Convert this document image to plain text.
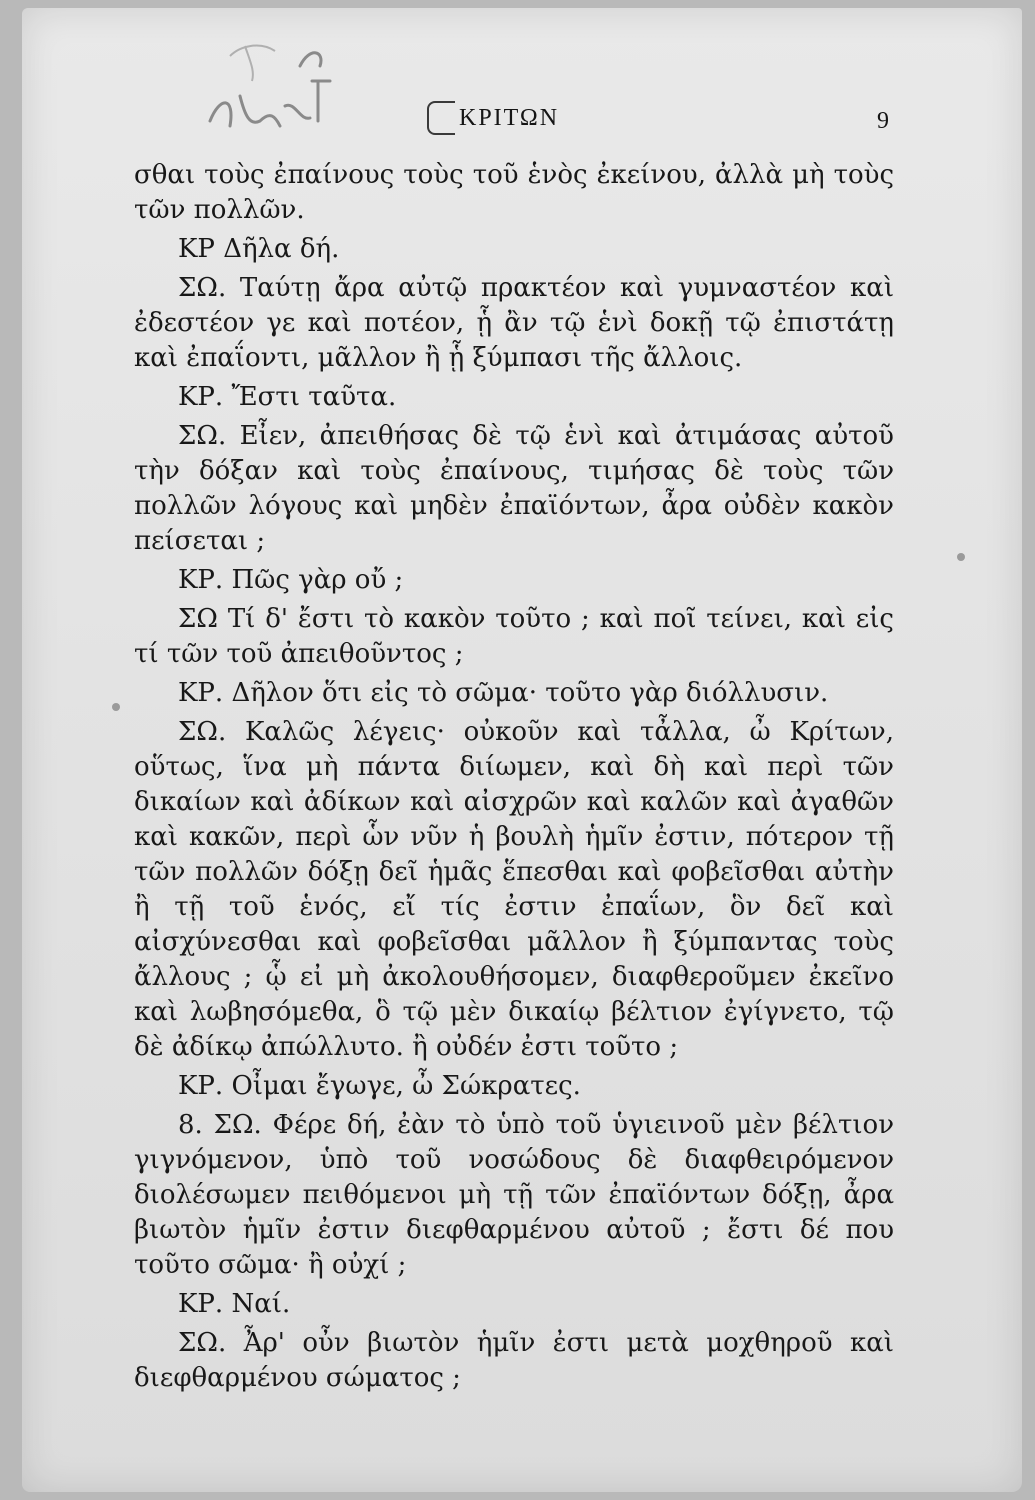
ΚΡΙΤΩΝ	9

σθαι τοὺς ἐπαίνους τοὺς τοῦ ἑνὸς ἐκείνου, ἀλλὰ μὴ τοὺς τῶν πολλῶν.

ΚΡ Δῆλα δή.

ΣΩ. Ταύτῃ ἄρα αὐτῷ πρακτέον καὶ γυμναστέον καὶ ἐδεστέον γε καὶ ποτέον, ᾗ ἂν τῷ ἑνὶ δοκῇ τῷ ἐπιστάτῃ καὶ ἐπαΐοντι, μᾶλλον ἢ ᾗ ξύμπασι τῆς ἄλλοις.

ΚΡ. Ἔστι ταῦτα.

ΣΩ. Εἶεν, ἀπειθήσας δὲ τῷ ἑνὶ καὶ ἀτιμάσας αὐτοῦ τὴν δόξαν καὶ τοὺς ἐπαίνους, τιμήσας δὲ τοὺς τῶν πολλῶν λόγους καὶ μηδὲν ἐπαϊόντων, ἆρα οὐδὲν κακὸν πείσεται ;

ΚΡ. Πῶς γὰρ οὔ ;

ΣΩ Τί δ' ἔστι τὸ κακὸν τοῦτο ; καὶ ποῖ τείνει, καὶ εἰς τί τῶν τοῦ ἀπειθοῦντος ;

ΚΡ. Δῆλον ὅτι εἰς τὸ σῶμα· τοῦτο γὰρ διόλλυσιν.

ΣΩ. Καλῶς λέγεις· οὐκοῦν καὶ τἆλλα, ὦ Κρίτων, οὕτως, ἵνα μὴ πάντα διίωμεν, καὶ δὴ καὶ περὶ τῶν δικαίων καὶ ἀδίκων καὶ αἰσχρῶν καὶ καλῶν καὶ ἀγαθῶν καὶ κακῶν, περὶ ὧν νῦν ἡ βουλὴ ἡμῖν ἐστιν, πότερον τῇ τῶν πολλῶν δόξῃ δεῖ ἡμᾶς ἕπεσθαι καὶ φοβεῖσθαι αὐτὴν ἢ τῇ τοῦ ἑνός, εἴ τίς ἐστιν ἐπαΐων, ὃν δεῖ καὶ αἰσχύνεσθαι καὶ φοβεῖσθαι μᾶλλον ἢ ξύμπαντας τοὺς ἄλλους ; ᾧ εἰ μὴ ἀκολουθήσομεν, διαφθεροῦμεν ἐκεῖνο καὶ λωβησόμεθα, ὃ τῷ μὲν δικαίῳ βέλτιον ἐγίγνετο, τῷ δὲ ἀδίκῳ ἀπώλλυτο. ἢ οὐδέν ἐστι τοῦτο ;

ΚΡ. Οἶμαι ἔγωγε, ὦ Σώκρατες.

8. ΣΩ. Φέρε δή, ἐὰν τὸ ὑπὸ τοῦ ὑγιεινοῦ μὲν βέλτιον γιγνόμενον, ὑπὸ τοῦ νοσώδους δὲ διαφθειρόμενον διολέσωμεν πειθόμενοι μὴ τῇ τῶν ἐπαϊόντων δόξῃ, ἆρα βιωτὸν ἡμῖν ἐστιν διεφθαρμένου αὐτοῦ ; ἔστι δέ που τοῦτο σῶμα· ἢ οὐχί ;

ΚΡ. Ναί.

ΣΩ. Ἆρ' οὖν βιωτὸν ἡμῖν ἐστι μετὰ μοχθηροῦ καὶ διεφθαρμένου σώματος ;
